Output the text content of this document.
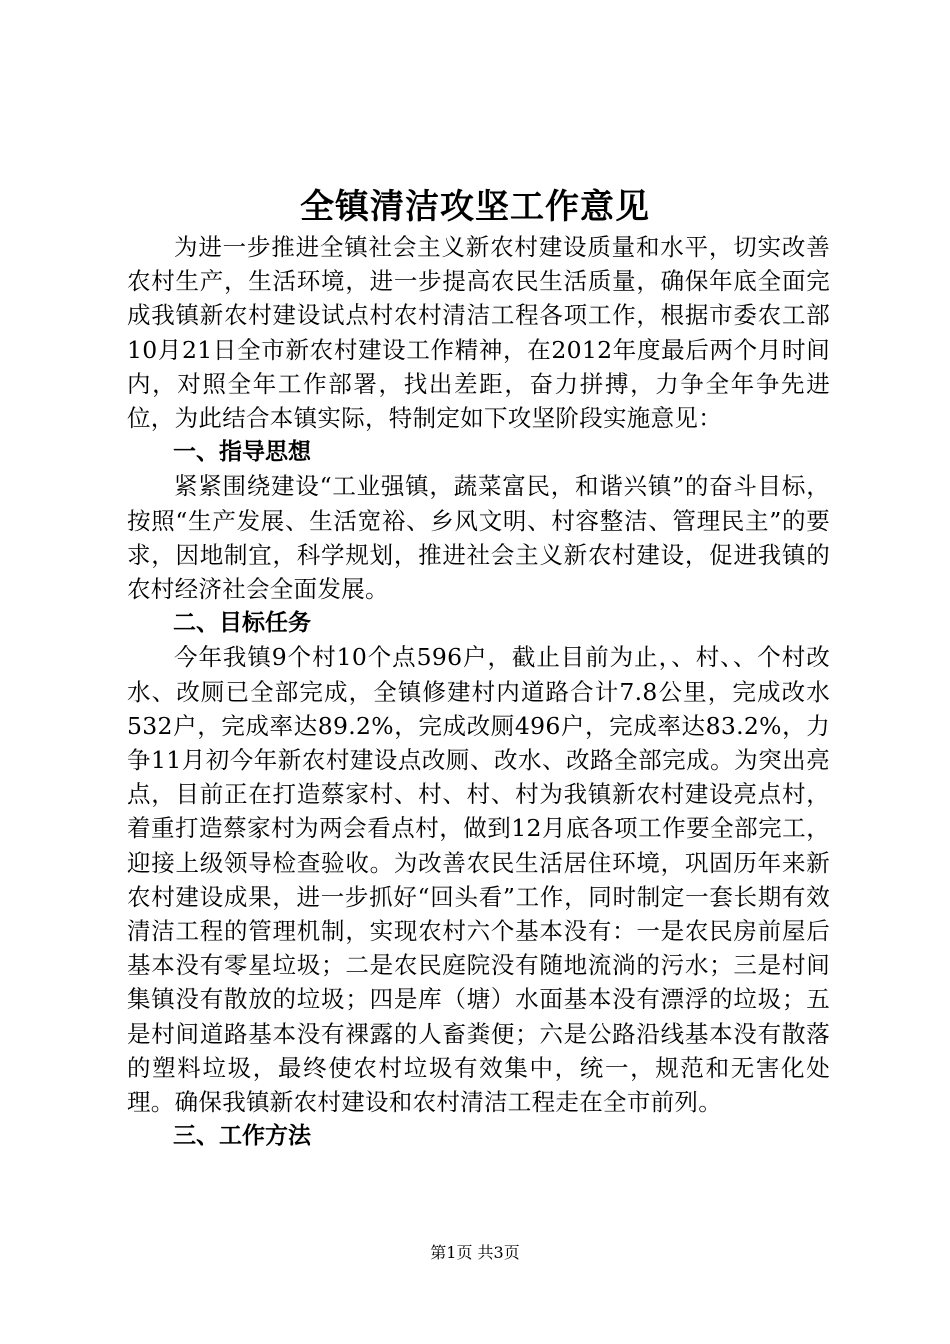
全镇清洁攻坚工作意见

为进一步推进全镇社会主义新农村建设质量和水平，切实改善农村生产，生活环境，进一步提高农民生活质量，确保年底全面完成我镇新农村建设试点村农村清洁工程各项工作，根据市委农工部10月21日全市新农村建设工作精神，在2012年度最后两个月时间内，对照全年工作部署，找出差距，奋力拼搏，力争全年争先进位，为此结合本镇实际，特制定如下攻坚阶段实施意见：

一、指导思想

紧紧围绕建设“工业强镇，蔬菜富民，和谐兴镇”的奋斗目标，按照“生产发展、生活宽裕、乡风文明、村容整洁、管理民主”的要求，因地制宜，科学规划，推进社会主义新农村建设，促进我镇的农村经济社会全面发展。

二、目标任务

今年我镇9个村10个点596户，截止目前为止，、村、、个村改水、改厕已全部完成，全镇修建村内道路合计7.8公里，完成改水532户，完成率达89.2%，完成改厕496户，完成率达83.2%，力争11月初今年新农村建设点改厕、改水、改路全部完成。为突出亮点，目前正在打造蔡家村、村、村、村为我镇新农村建设亮点村，着重打造蔡家村为两会看点村，做到12月底各项工作要全部完工，迎接上级领导检查验收。为改善农民生活居住环境，巩固历年来新农村建设成果，进一步抓好“回头看”工作，同时制定一套长期有效清洁工程的管理机制，实现农村六个基本没有：一是农民房前屋后基本没有零星垃圾；二是农民庭院没有随地流淌的污水；三是村间集镇没有散放的垃圾；四是库（塘）水面基本没有漂浮的垃圾；五是村间道路基本没有裸露的人畜粪便；六是公路沿线基本没有散落的塑料垃圾，最终使农村垃圾有效集中，统一，规范和无害化处理。确保我镇新农村建设和农村清洁工程走在全市前列。

三、工作方法

第1页 共3页
